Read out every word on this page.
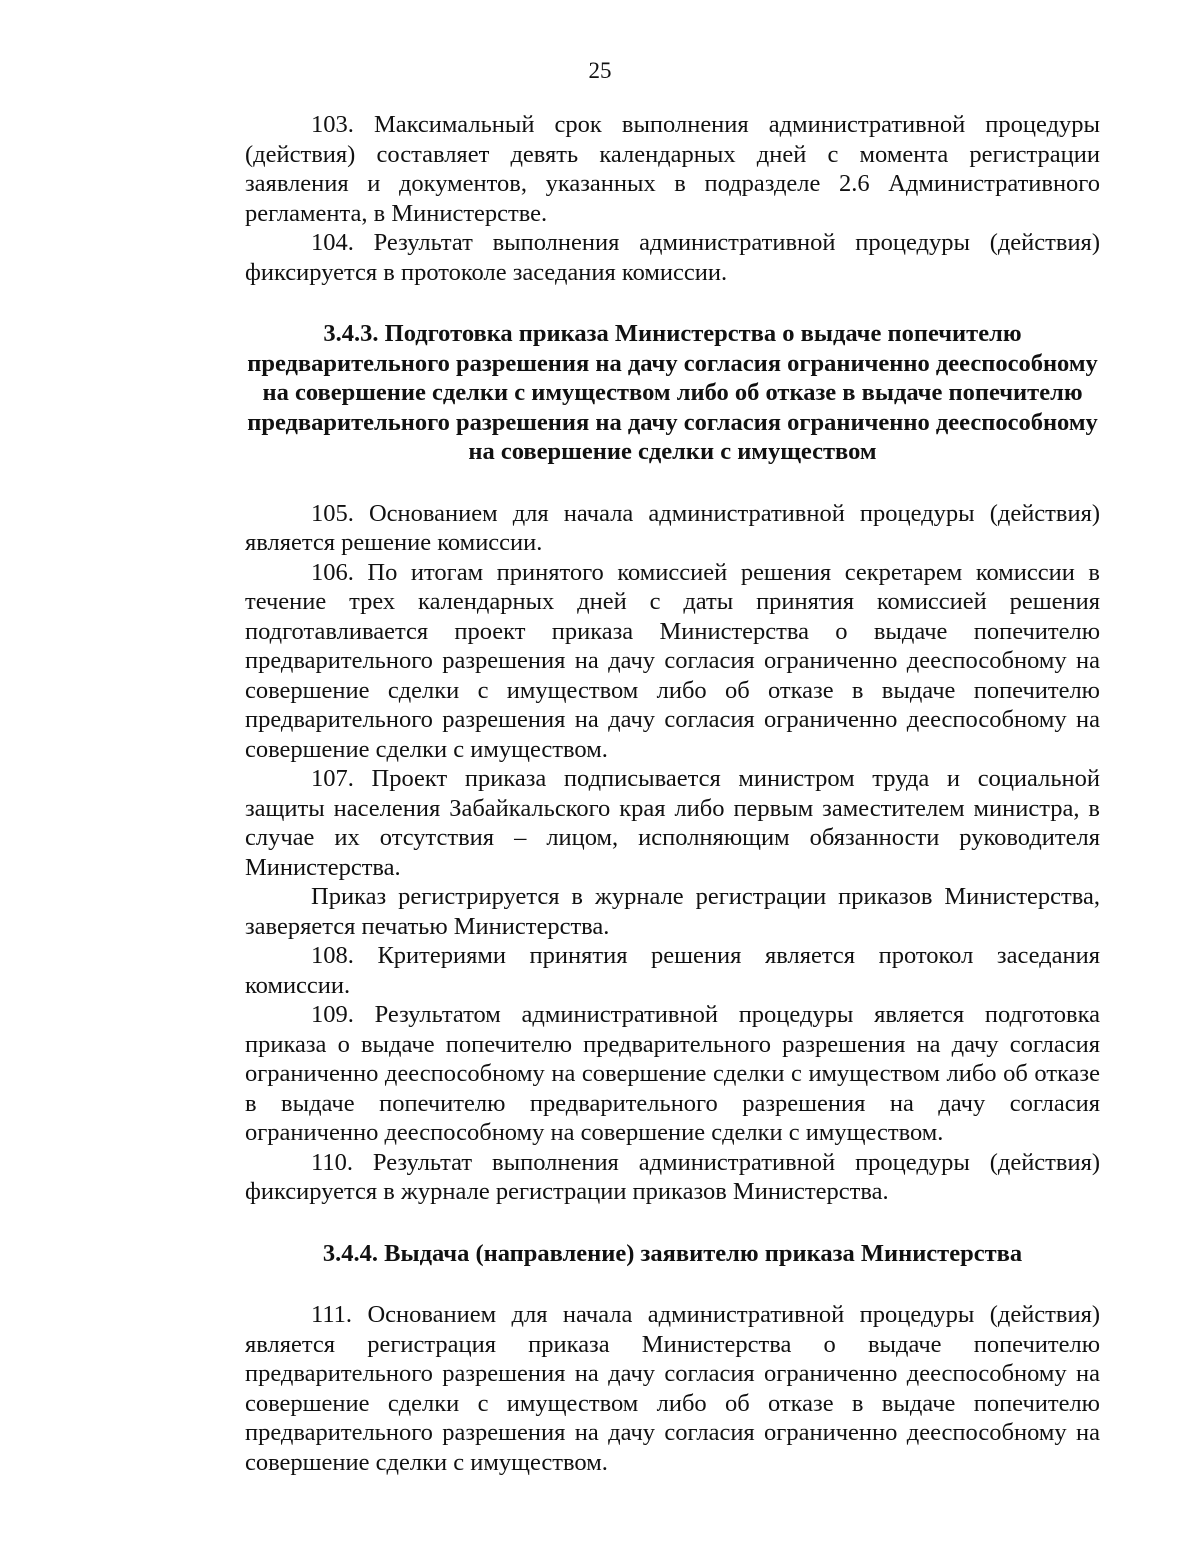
25

103. Максимальный срок выполнения административной процедуры (действия) составляет девять календарных дней с момента регистрации заявления и документов, указанных в подразделе 2.6 Административного регламента, в Министерстве.

104. Результат выполнения административной процедуры (действия) фиксируется в протоколе заседания комиссии.

3.4.3. Подготовка приказа Министерства о выдаче попечителю предварительного разрешения на дачу согласия ограниченно дееспособному на совершение сделки с имуществом либо об отказе в выдаче попечителю предварительного разрешения на дачу согласия ограниченно дееспособному на совершение сделки с имуществом

105. Основанием для начала административной процедуры (действия) является решение комиссии.

106. По итогам принятого комиссией решения секретарем комиссии в течение трех календарных дней с даты принятия комиссией решения подготавливается проект приказа Министерства о выдаче попечителю предварительного разрешения на дачу согласия ограниченно дееспособному на совершение сделки с имуществом либо об отказе в выдаче попечителю предварительного разрешения на дачу согласия ограниченно дееспособному на совершение сделки с имуществом.

107. Проект приказа подписывается министром труда и социальной защиты населения Забайкальского края либо первым заместителем министра, в случае их отсутствия – лицом, исполняющим обязанности руководителя Министерства.

Приказ регистрируется в журнале регистрации приказов Министерства, заверяется печатью Министерства.

108. Критериями принятия решения является протокол заседания комиссии.

109. Результатом административной процедуры является подготовка приказа о выдаче попечителю предварительного разрешения на дачу согласия ограниченно дееспособному на совершение сделки с имуществом либо об отказе в выдаче попечителю предварительного разрешения на дачу согласия ограниченно дееспособному на совершение сделки с имуществом.

110. Результат выполнения административной процедуры (действия) фиксируется в журнале регистрации приказов Министерства.

3.4.4. Выдача (направление) заявителю приказа Министерства

111. Основанием для начала административной процедуры (действия) является регистрация приказа Министерства о выдаче попечителю предварительного разрешения на дачу согласия ограниченно дееспособному на совершение сделки с имуществом либо об отказе в выдаче попечителю предварительного разрешения на дачу согласия ограниченно дееспособному на совершение сделки с имуществом.
